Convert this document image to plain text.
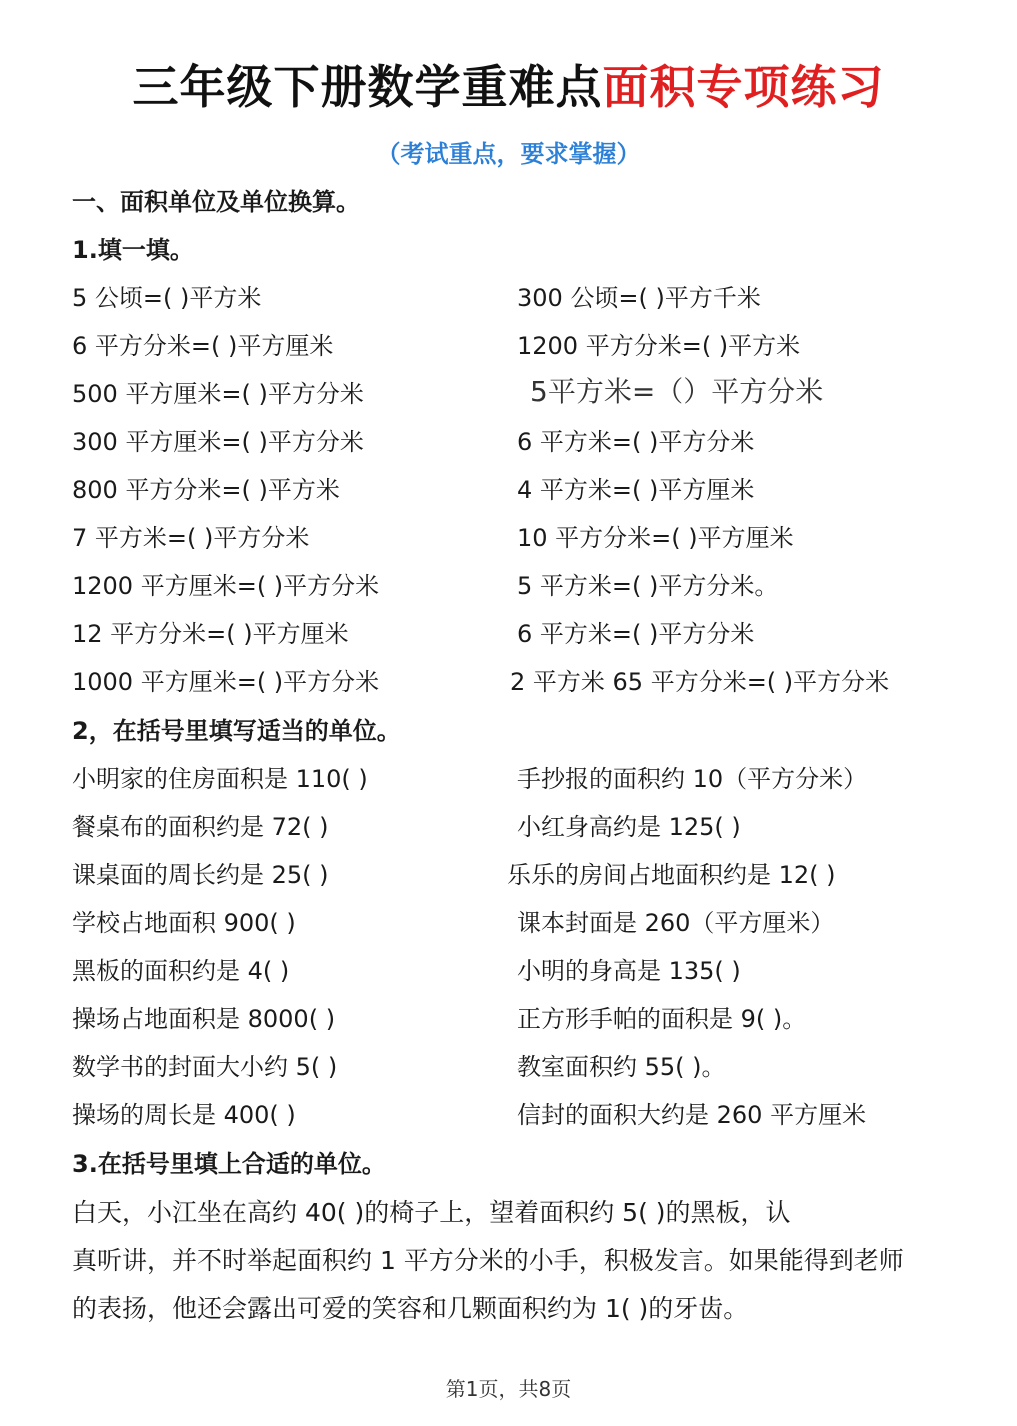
三年级下册数学重难点面积专项练习
（考试重点，要求掌握）
一、面积单位及单位换算。
1.填一填。
5 公顷=( )平方米	300 公顷=( )平方千米
6 平方分米=( )平方厘米	1200 平方分米=( )平方米
500 平方厘米=( )平方分米	5平方米=（）平方分米
300 平方厘米=( )平方分米	6 平方米=( )平方分米
800 平方分米=( )平方米	4 平方米=( )平方厘米
7 平方米=( )平方分米	10 平方分米=( )平方厘米
1200 平方厘米=( )平方分米	5 平方米=( )平方分米。
12 平方分米=( )平方厘米	6 平方米=( )平方分米
1000 平方厘米=( )平方分米	2 平方米 65 平方分米=( )平方分米
2，在括号里填写适当的单位。
小明家的住房面积是 110( )	手抄报的面积约 10（平方分米）
餐桌布的面积约是 72( )	小红身高约是 125( )
课桌面的周长约是 25( )	乐乐的房间占地面积约是 12( )
学校占地面积 900( )	课本封面是 260（平方厘米）
黑板的面积约是 4( )	小明的身高是 135( )
操场占地面积是 8000( )	正方形手帕的面积是 9( )。
数学书的封面大小约 5( )	教室面积约 55( )。
操场的周长是 400( )	信封的面积大约是 260 平方厘米
3.在括号里填上合适的单位。
白天，小江坐在高约 40( )的椅子上，望着面积约 5( )的黑板，认
真听讲，并不时举起面积约 1 平方分米的小手，积极发言。如果能得到老师
的表扬，他还会露出可爱的笑容和几颗面积约为 1( )的牙齿。
第1页，共8页
